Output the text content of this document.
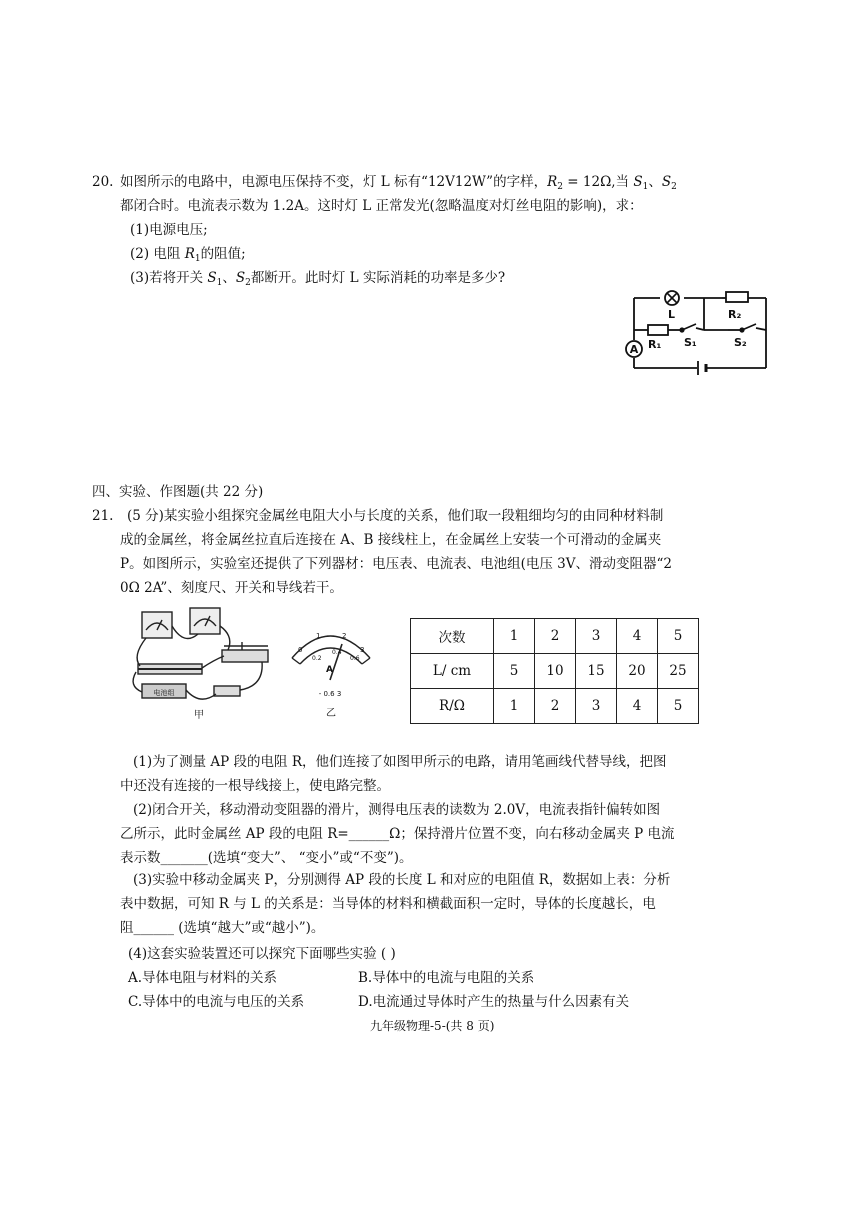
20. 如图所示的电路中，电源电压保持不变，灯 L 标有“12V12W”的字样，$R_2 = 12\Omega$,当 $S_1$、$S_2$
都闭合时。电流表示数为 1.2A。这时灯 L 正常发光(忽略温度对灯丝电阻的影响)，求：
(1)电源电压;
(2) 电阻 $R_1$的阻值;
(3)若将开关 $S_1$、$S_2$都断开。此时灯 L 实际消耗的功率是多少?
A
L	R₂
R₁ S₁	S₂
四、实验、作图题(共 22 分)
21. (5 分)某实验小组探究金属丝电阻大小与长度的关系，他们取一段粗细均匀的由同种材料制
成的金属丝，将金属丝拉直后连接在 A、B 接线柱上，在金属丝上安装一个可滑动的金属夹
P。如图所示，实验室还提供了下列器材：电压表、电流表、电池组(电压 3V、滑动变阻器“2
0Ω 2A”、刻度尺、开关和导线若干。
电池组
甲
0
1	2
3
0.2
0.4
0.6
A
- 0.6 3
乙
次数	1	2	3	4	5
L/ cm	5	10	15	20	25
R/Ω	1	2	3	4	5
(1)为了测量 AP 段的电阻 R，他们连接了如图甲所示的电路，请用笔画线代替导线，把图
中还没有连接的一根导线接上，使电路完整。
(2)闭合开关，移动滑动变阻器的滑片，测得电压表的读数为 2.0V，电流表指针偏转如图
乙所示，此时金属丝 AP 段的电阻 R=______Ω；保持滑片位置不变，向右移动金属夹 P 电流
表示数_______(选填“变大”、 “变小”或“不变”)。
(3)实验中移动金属夹 P，分别测得 AP 段的长度 L 和对应的电阻值 R，数据如上表：分析
表中数据，可知 R 与 L 的关系是：当导体的材料和横截面积一定时，导体的长度越长，电
阻______ (选填“越大”或“越小”)。
(4)这套实验装置还可以探究下面哪些实验 ( )
A.导体电阻与材料的关系	B.导体中的电流与电阻的关系
C.导体中的电流与电压的关系	D.电流通过导体时产生的热量与什么因素有关
九年级物理-5-(共 8 页)
